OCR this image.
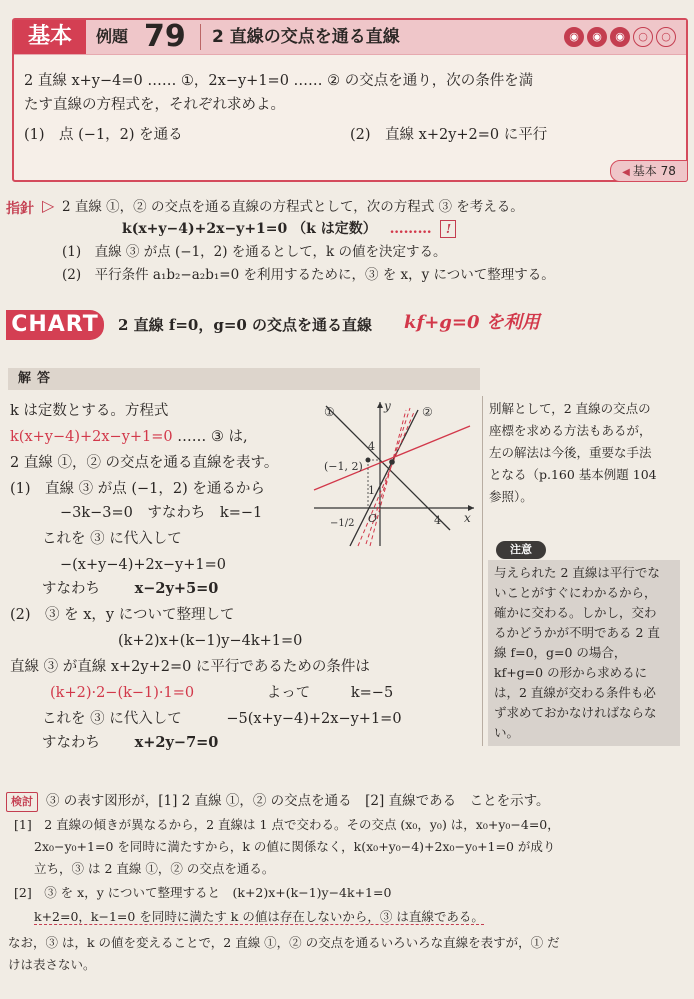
基本	例題 79 2 直線の交点を通る直線	◉	◉	◉	○	○
2 直線 x+y−4=0 …… ①，2x−y+1=0 …… ② の交点を通り，次の条件を満
たす直線の方程式を，それぞれ求めよ。
(1)　点 (−1，2) を通る	(2)　直線 x+2y+2=0 に平行
◀ 基本 78
指針 ▷ 2 直線 ①，② の交点を通る直線の方程式として，次の方程式 ③ を考える。
k(x+y−4)+2x−y+1=0 （k は定数） ……… !
(1)　直線 ③ が点 (−1，2) を通るとして，k の値を決定する。
(2)　平行条件 a₁b₂−a₂b₁=0 を利用するために，③ を x，y について整理する。
CHART	2 直線 f=0，g=0 の交点を通る直線 kf+g=0 を利用
解答
k は定数とする。方程式
k(x+y−4)+2x−y+1=0 …… ③ は,
2 直線 ①，② の交点を通る直線を表す。
(1)　直線 ③ が点 (−1，2) を通るから
−3k−3=0　すなわち　k=−1
これを ③ に代入して
−(x+y−4)+2x−y+1=0
すなわち x−2y+5=0
(2)　③ を x，y について整理して
(k+2)x+(k−1)y−4k+1=0
直線 ③ が直線 x+2y+2=0 に平行であるための条件は
(k+2)·2−(k−1)·1=0	よって	k=−5
これを ③ に代入して	−5(x+y−4)+2x−y+1=0
すなわち x+2y−7=0
①	②
y
x
(−1, 2)
4
1
4
−1/2 O
別解として，2 直線の交点の
座標を求める方法もあるが，
左の解法は今後，重要な手法
となる（p.160 基本例題 104
参照）。
与えられた 2 直線は平行でな
いことがすぐにわかるから，
確かに交わる。しかし，交わ
るかどうかが不明である 2 直
線 f=0，g=0 の場合，
kf+g=0 の形から求めるに
は，2 直線が交わる条件も必
ず求めておかなければならな
い。
注意
検討 ③ の表す図形が，[1] 2 直線 ①，② の交点を通る　[2] 直線である　ことを示す。
[1]　2 直線の傾きが異なるから，2 直線は 1 点で交わる。その交点 (x₀，y₀) は，x₀+y₀−4=0，
2x₀−y₀+1=0 を同時に満たすから，k の値に関係なく，k(x₀+y₀−4)+2x₀−y₀+1=0 が成り
立ち，③ は 2 直線 ①，② の交点を通る。
[2]　③ を x，y について整理すると　(k+2)x+(k−1)y−4k+1=0
k+2=0，k−1=0 を同時に満たす k の値は存在しないから，③ は直線である。
なお，③ は，k の値を変えることで，2 直線 ①，② の交点を通るいろいろな直線を表すが，① だ
けは表さない。
